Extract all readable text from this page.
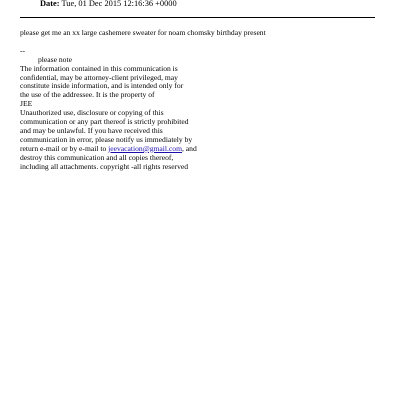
Date: Tue, 01 Dec 2015 12:16:36 +0000
please get me an xx large cashemere sweater for noam chomsky birthday present
--
please note
The information contained in this communication is
confidential, may be attorney-client privileged, may
constitute inside information, and is intended only for
the use of the addressee. It is the property of
JEE
Unauthorized use, disclosure or copying of this
communication or any part thereof is strictly prohibited
and may be unlawful. If you have received this
communication in error, please notify us immediately by
return e-mail or by e-mail to jeevacation@gmail.com, and
destroy this communication and all copies thereof,
including all attachments. copyright -all rights reserved
